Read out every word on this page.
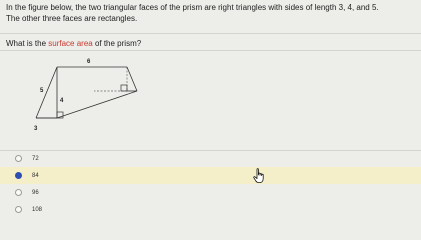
In the figure below, the two triangular faces of the prism are right triangles with sides of length 3, 4, and 5.
The other three faces are rectangles.
What is the surface area of the prism?
6
5
4
3
72
84
96
108
